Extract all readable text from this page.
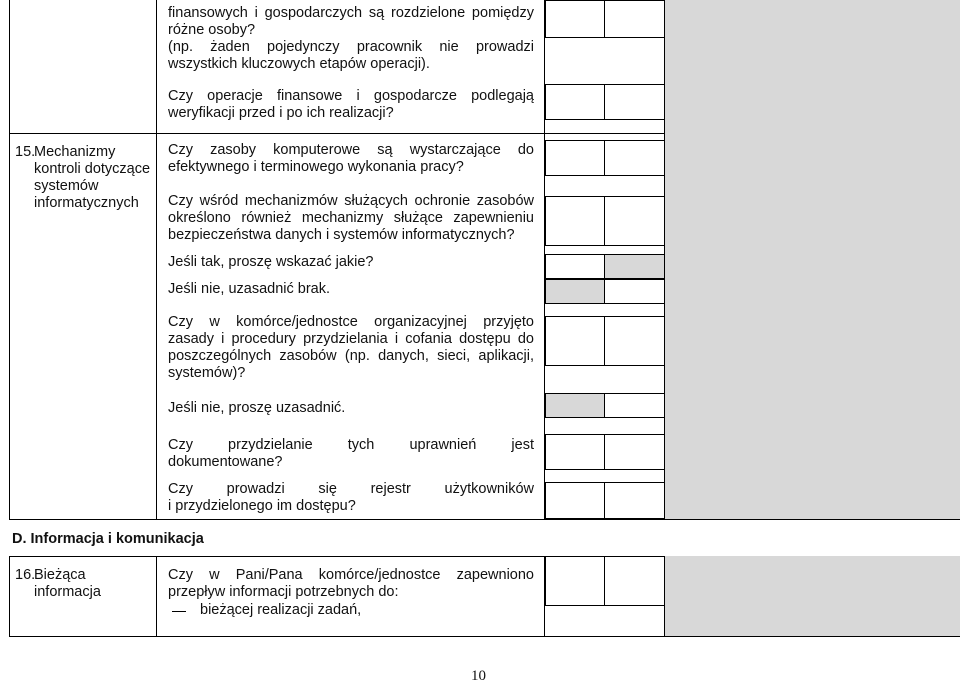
finansowych i gospodarczych są rozdzielone pomiędzy
różne osoby?
(np. żaden pojedynczy pracownik nie prowadzi
wszystkich kluczowych etapów operacji).
Czy operacje finansowe i gospodarcze podlegają
weryfikacji przed i po ich realizacji?
15.
Mechanizmy
kontroli dotyczące
systemów
informatycznych
Czy zasoby komputerowe są wystarczające do
efektywnego i terminowego wykonania pracy?
Czy wśród mechanizmów służących ochronie zasobów
określono również mechanizmy służące zapewnieniu
bezpieczeństwa danych i systemów informatycznych?
Jeśli tak, proszę wskazać jakie?
Jeśli nie, uzasadnić brak.
Czy w komórce/jednostce organizacyjnej przyjęto
zasady i procedury przydzielania i cofania dostępu do
poszczególnych zasobów (np. danych, sieci, aplikacji,
systemów)?
Jeśli nie, proszę uzasadnić.
Czy przydzielanie tych uprawnień jest
dokumentowane?
Czy prowadzi się rejestr użytkowników
i przydzielonego im dostępu?
D. Informacja i komunikacja
16.
Bieżąca
informacja
Czy w Pani/Pana komórce/jednostce zapewniono
przepływ informacji potrzebnych do:
bieżącej realizacji zadań,
10
